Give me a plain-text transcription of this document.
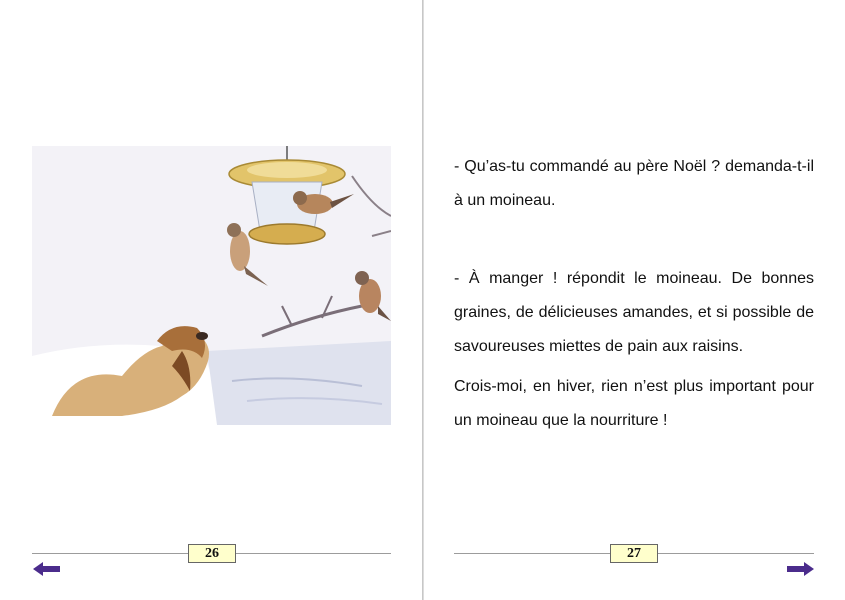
26

- Qu’as-tu commandé au père Noël ? demanda-t-il à un moineau.

- À manger ! répondit le moineau. De bonnes graines, de délicieuses amandes, et si possible de savoureuses miettes de pain aux raisins.

Crois-moi, en hiver, rien n’est plus important pour un moineau que la nourriture !

27
